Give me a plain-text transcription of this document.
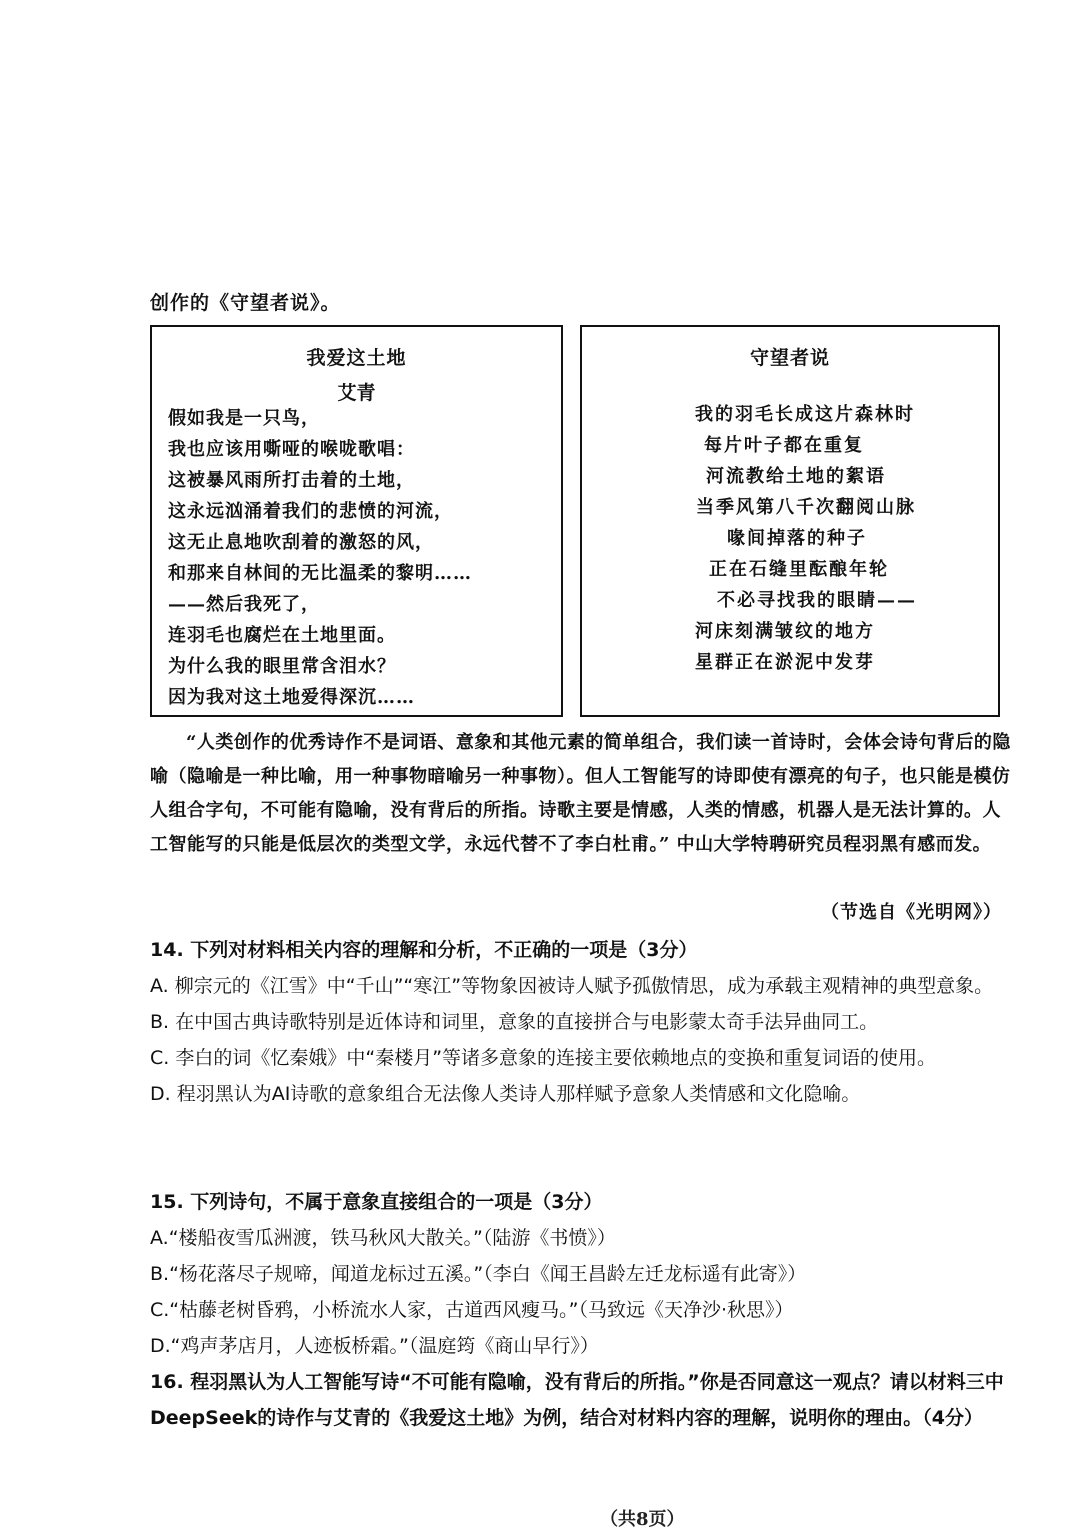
创作的《守望者说》。
我爱这土地
艾青
假如我是一只鸟，
我也应该用嘶哑的喉咙歌唱：
这被暴风雨所打击着的土地，
这永远汹涌着我们的悲愤的河流，
这无止息地吹刮着的激怒的风，
和那来自林间的无比温柔的黎明……
——然后我死了，
连羽毛也腐烂在土地里面。
为什么我的眼里常含泪水？
因为我对这土地爱得深沉……
守望者说
我的羽毛长成这片森林时
每片叶子都在重复
河流教给土地的絮语
当季风第八千次翻阅山脉
喙间掉落的种子
正在石缝里酝酿年轮
不必寻找我的眼睛——
河床刻满皱纹的地方
星群正在淤泥中发芽
“人类创作的优秀诗作不是词语、意象和其他元素的简单组合，我们读一首诗时，会体会诗句背后的隐喻（隐喻是一种比喻，用一种事物暗喻另一种事物）。但人工智能写的诗即使有漂亮的句子，也只能是模仿人组合字句，不可能有隐喻，没有背后的所指。诗歌主要是情感，人类的情感，机器人是无法计算的。人工智能写的只能是低层次的类型文学，永远代替不了李白杜甫。” 中山大学特聘研究员程羽黑有感而发。
（节选自《光明网》）

14. 下列对材料相关内容的理解和分析，不正确的一项是（3分）

A. 柳宗元的《江雪》中“千山”“寒江”等物象因被诗人赋予孤傲情思，成为承载主观精神的典型意象。

B. 在中国古典诗歌特别是近体诗和词里，意象的直接拼合与电影蒙太奇手法异曲同工。

C. 李白的词《忆秦娥》中“秦楼月”等诸多意象的连接主要依赖地点的变换和重复词语的使用。

D. 程羽黑认为AI诗歌的意象组合无法像人类诗人那样赋予意象人类情感和文化隐喻。

15. 下列诗句，不属于意象直接组合的一项是（3分）

A.“楼船夜雪瓜洲渡，铁马秋风大散关。”（陆游《书愤》）

B.“杨花落尽子规啼，闻道龙标过五溪。”（李白《闻王昌龄左迁龙标遥有此寄》）

C.“枯藤老树昏鸦，小桥流水人家，古道西风瘦马。”（马致远《天净沙·秋思》）

D.“鸡声茅店月，人迹板桥霜。”（温庭筠《商山早行》）

16. 程羽黑认为人工智能写诗“不可能有隐喻，没有背后的所指。”你是否同意这一观点？请以材料三中DeepSeek的诗作与艾青的《我爱这土地》为例，结合对材料内容的理解，说明你的理由。（4分）

（共8页）
